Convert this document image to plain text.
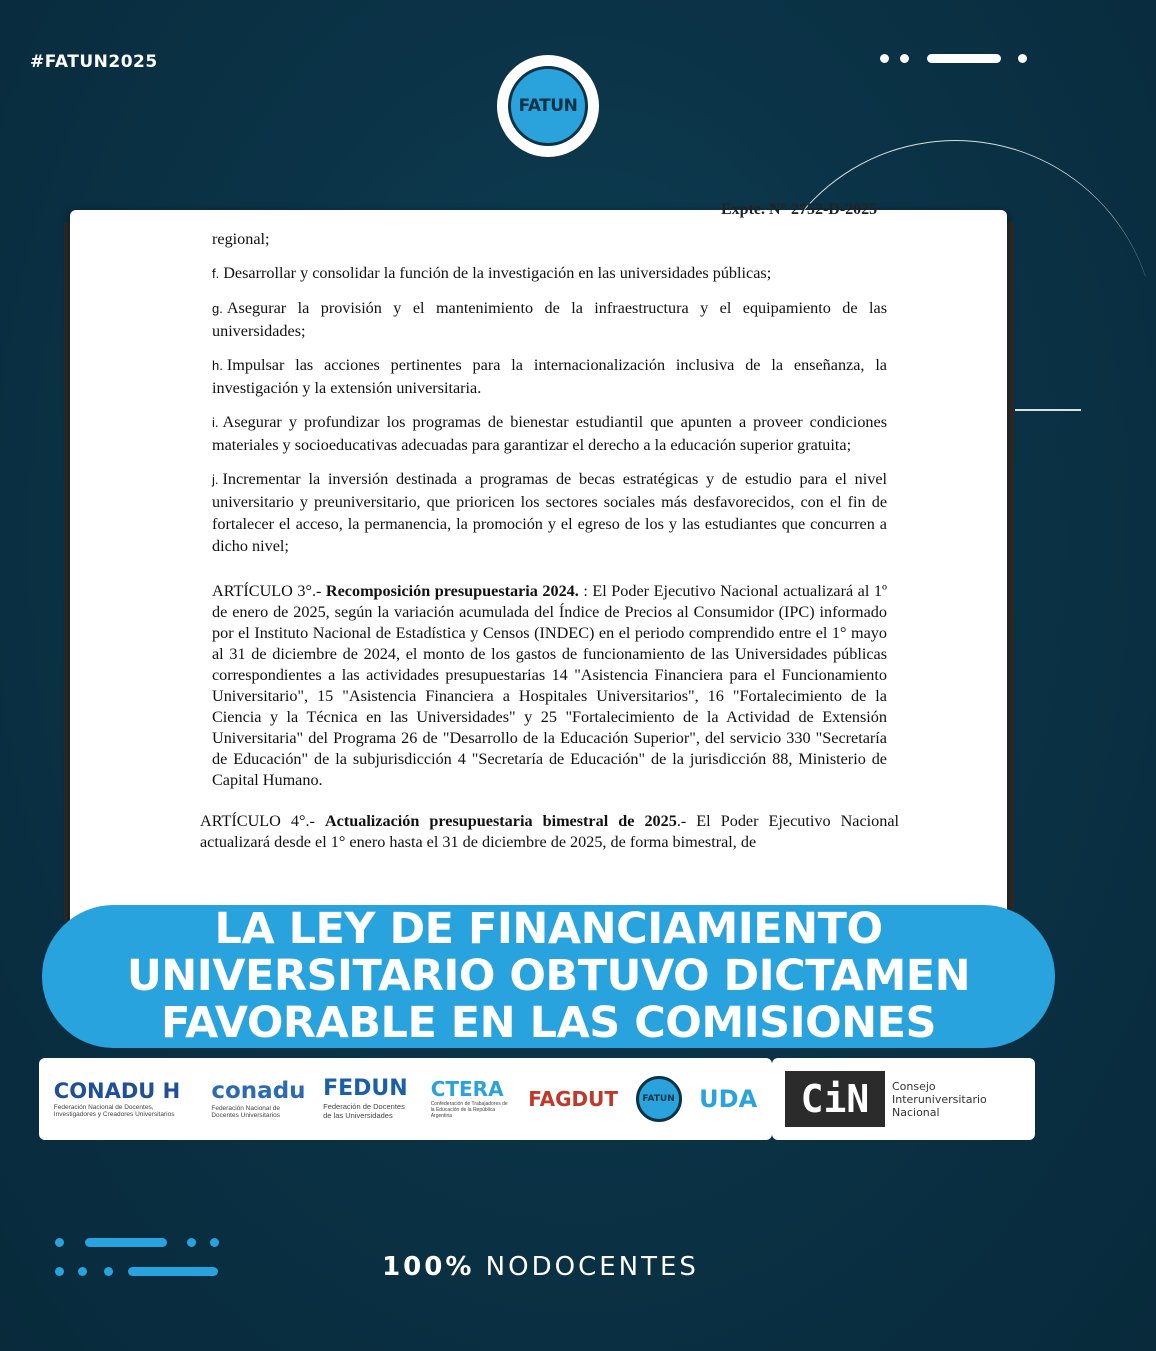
#FATUN2025
FATUN
Expte. N° 2752-D-2025

regional;

f. Desarrollar y consolidar la función de la investigación en las universidades públicas;

g. Asegurar la provisión y el mantenimiento de la infraestructura y el equipamiento de las universidades;

h. Impulsar las acciones pertinentes para la internacionalización inclusiva de la enseñanza, la investigación y la extensión universitaria.

i. Asegurar y profundizar los programas de bienestar estudiantil que apunten a proveer condiciones materiales y socioeducativas adecuadas para garantizar el derecho a la educación superior gratuita;

j. Incrementar la inversión destinada a programas de becas estratégicas y de estudio para el nivel universitario y preuniversitario, que prioricen los sectores sociales más desfavorecidos, con el fin de fortalecer el acceso, la permanencia, la promoción y el egreso de los y las estudiantes que concurren a dicho nivel;

ARTÍCULO 3°.- Recomposición presupuestaria 2024. : El Poder Ejecutivo Nacional actualizará al 1º de enero de 2025, según la variación acumulada del Índice de Precios al Consumidor (IPC) informado por el Instituto Nacional de Estadística y Censos (INDEC) en el periodo comprendido entre el 1° mayo al 31 de diciembre de 2024, el monto de los gastos de funcionamiento de las Universidades públicas correspondientes a las actividades presupuestarias 14 "Asistencia Financiera para el Funcionamiento Universitario", 15 "Asistencia Financiera a Hospitales Universitarios", 16 "Fortalecimiento de la Ciencia y la Técnica en las Universidades" y 25 "Fortalecimiento de la Actividad de Extensión Universitaria" del Programa 26 de "Desarrollo de la Educación Superior", del servicio 330 "Secretaría de Educación" de la subjurisdicción 4 "Secretaría de Educación" de la jurisdicción 88, Ministerio de Capital Humano.

ARTÍCULO 4°.- Actualización presupuestaria bimestral de 2025.- El Poder Ejecutivo Nacional actualizará desde el 1° enero hasta el 31 de diciembre de 2025, de forma bimestral, de

LA LEY DE FINANCIAMIENTO
UNIVERSITARIO OBTUVO DICTAMEN
FAVORABLE EN LAS COMISIONES
CONADU H
Federación Nacional de Docentes, Investigadores y Creadores Universitarios
conadu
Federación Nacional de Docentes Universitarios
FEDUN
Federación de Docentes de las Universidades
CTERA
Confederación de Trabajadores de la Educación de la República Argentina
FAGDUT	FATUN UDA	CiN	Consejo
Interuniversitario
Nacional
100% NODOCENTES
